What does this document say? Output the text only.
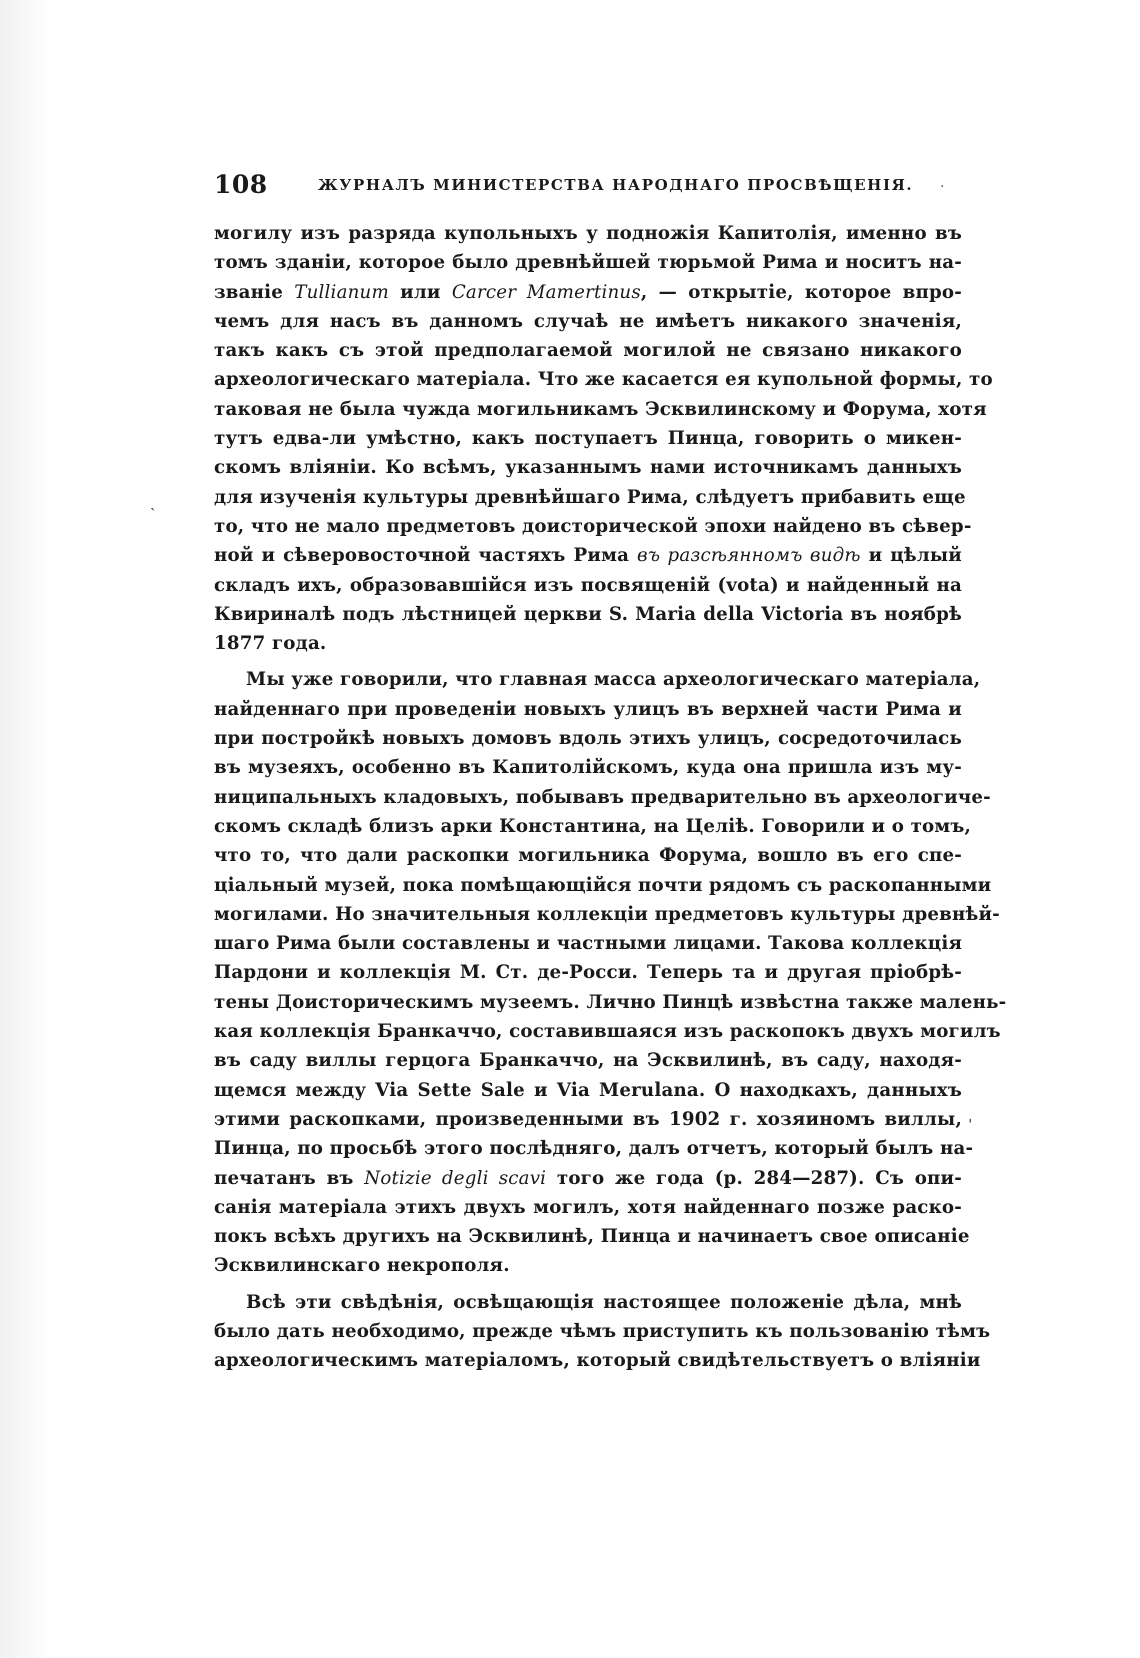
108	ЖУРНАЛЪ МИНИСТЕРСТВА НАРОДНАГО ПРОСВѢЩЕНІЯ. .
ˎ
ˈ
могилу изъ разряда купольныхъ у подножія Капитолія, именно въ
томъ зданіи, которое было древнѣйшей тюрьмой Рима и носитъ на-
званіе Tullianum или Carcer Mamertinus, — открытіе, которое впро-
чемъ для насъ въ данномъ случаѣ не имѣетъ никакого значенія,
такъ какъ съ этой предполагаемой могилой не связано никакого
археологическаго матеріала. Что же касается ея купольной формы, то
таковая не была чужда могильникамъ Эсквилинскому и Форума, хотя
тутъ едва-ли умѣстно, какъ поступаетъ Пинца, говорить о микен-
скомъ вліяніи. Ко всѣмъ, указаннымъ нами источникамъ данныхъ
для изученія культуры древнѣйшаго Рима, слѣдуетъ прибавить еще
то, что не мало предметовъ доисторической эпохи найдено въ сѣвер-
ной и сѣверовосточной частяхъ Рима въ разсѣянномъ видѣ и цѣлый
складъ ихъ, образовавшійся изъ посвященій (vota) и найденный на
Квириналѣ подъ лѣстницей церкви S. Maria della Victoria въ ноябрѣ
1877 года.
Мы уже говорили, что главная масса археологическаго матеріала,
найденнаго при проведеніи новыхъ улицъ въ верхней части Рима и
при постройкѣ новыхъ домовъ вдоль этихъ улицъ, сосредоточилась
въ музеяхъ, особенно въ Капитолійскомъ, куда она пришла изъ му-
ниципальныхъ кладовыхъ, побывавъ предварительно въ археологиче-
скомъ складѣ близъ арки Константина, на Целіѣ. Говорили и о томъ,
что то, что дали раскопки могильника Форума, вошло въ его спе-
ціальный музей, пока помѣщающійся почти рядомъ съ раскопанными
могилами. Но значительныя коллекціи предметовъ культуры древнѣй-
шаго Рима были составлены и частными лицами. Такова коллекція
Пардони и коллекція М. Ст. де-Росси. Теперь та и другая пріобрѣ-
тены Доисторическимъ музеемъ. Лично Пинцѣ извѣстна также малень-
кая коллекція Бранкаччо, составившаяся изъ раскопокъ двухъ могилъ
въ саду виллы герцога Бранкаччо, на Эсквилинѣ, въ саду, находя-
щемся между Via Sette Sale и Via Merulana. О находкахъ, данныхъ
этими раскопками, произведенными въ 1902 г. хозяиномъ виллы,
Пинца, по просьбѣ этого послѣдняго, далъ отчетъ, который былъ на-
печатанъ въ Notizie degli scavi того же года (p. 284—287). Съ опи-
санія матеріала этихъ двухъ могилъ, хотя найденнаго позже раско-
покъ всѣхъ другихъ на Эсквилинѣ, Пинца и начинаетъ свое описаніе
Эсквилинскаго некрополя.
Всѣ эти свѣдѣнія, освѣщающія настоящее положеніе дѣла, мнѣ
было дать необходимо, прежде чѣмъ приступить къ пользованію тѣмъ
археологическимъ матеріаломъ, который свидѣтельствуетъ о вліяніи
